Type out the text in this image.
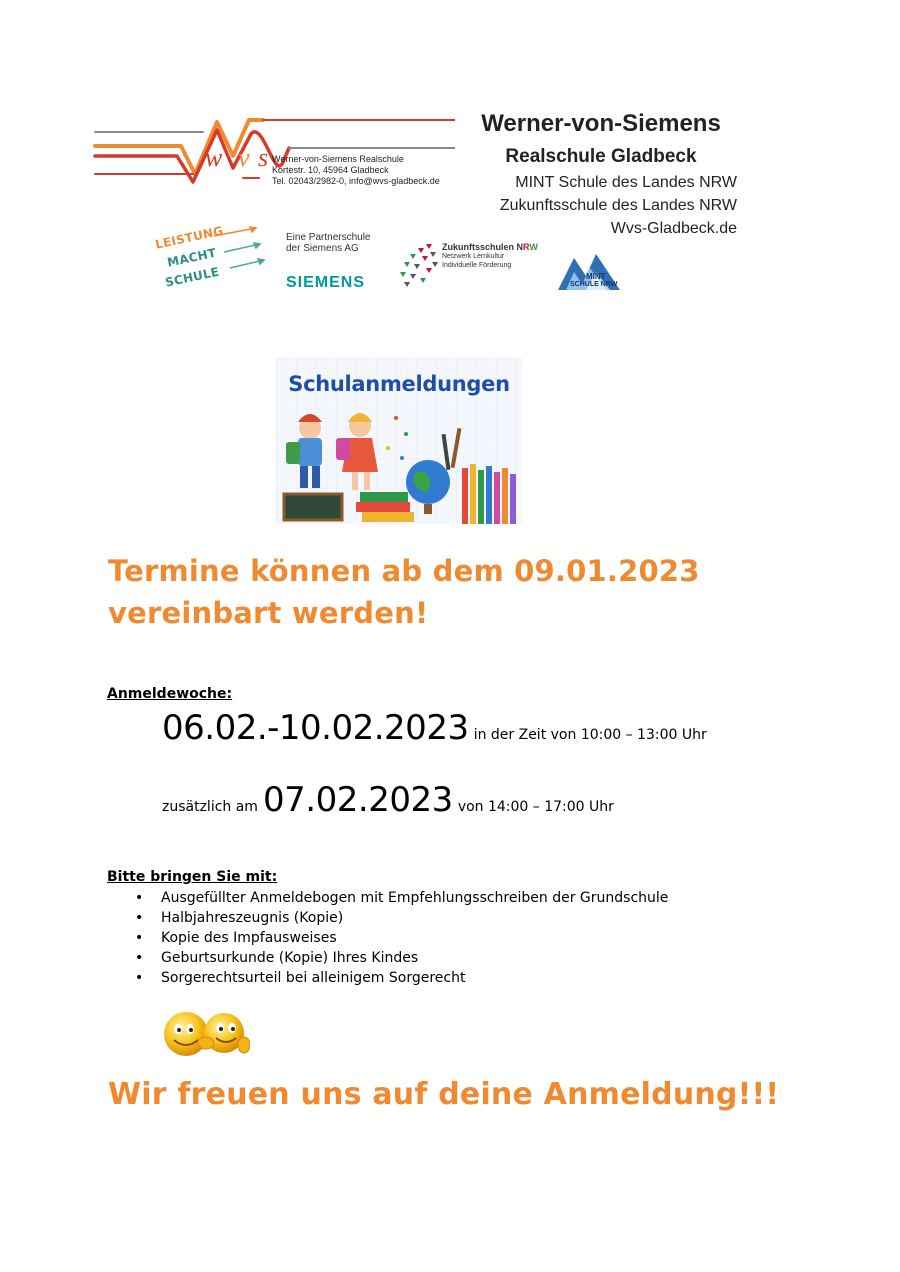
w v s Werner-von-Siemens Realschule
Kortestr. 10, 45964 Gladbeck
Tel. 02043/2982-0, info@wvs-gladbeck.de
Werner-von-Siemens
Realschule Gladbeck
MINT Schule des Landes NRW
Zukunftsschule des Landes NRW
Wvs-Gladbeck.de
LEISTUNG
MACHT
SCHULE
Eine Partnerschule
der Siemens AG
SIEMENS
Zukunftsschulen NRW
Netzwerk Lernkultur
Individuelle Förderung
MINT
SCHULE NRW
Schulanmeldungen
Termine können ab dem 09.01.2023
vereinbart werden!
Anmeldewoche:
06.02.-10.02.2023 in der Zeit von 10:00 – 13:00 Uhr
zusätzlich am 07.02.2023 von 14:00 – 17:00 Uhr
Bitte bringen Sie mit:
• Ausgefüllter Anmeldebogen mit Empfehlungsschreiben der Grundschule
• Halbjahreszeugnis (Kopie)
• Kopie des Impfausweises
• Geburtsurkunde (Kopie) Ihres Kindes
• Sorgerechtsurteil bei alleinigem Sorgerecht
Wir freuen uns auf deine Anmeldung!!!
